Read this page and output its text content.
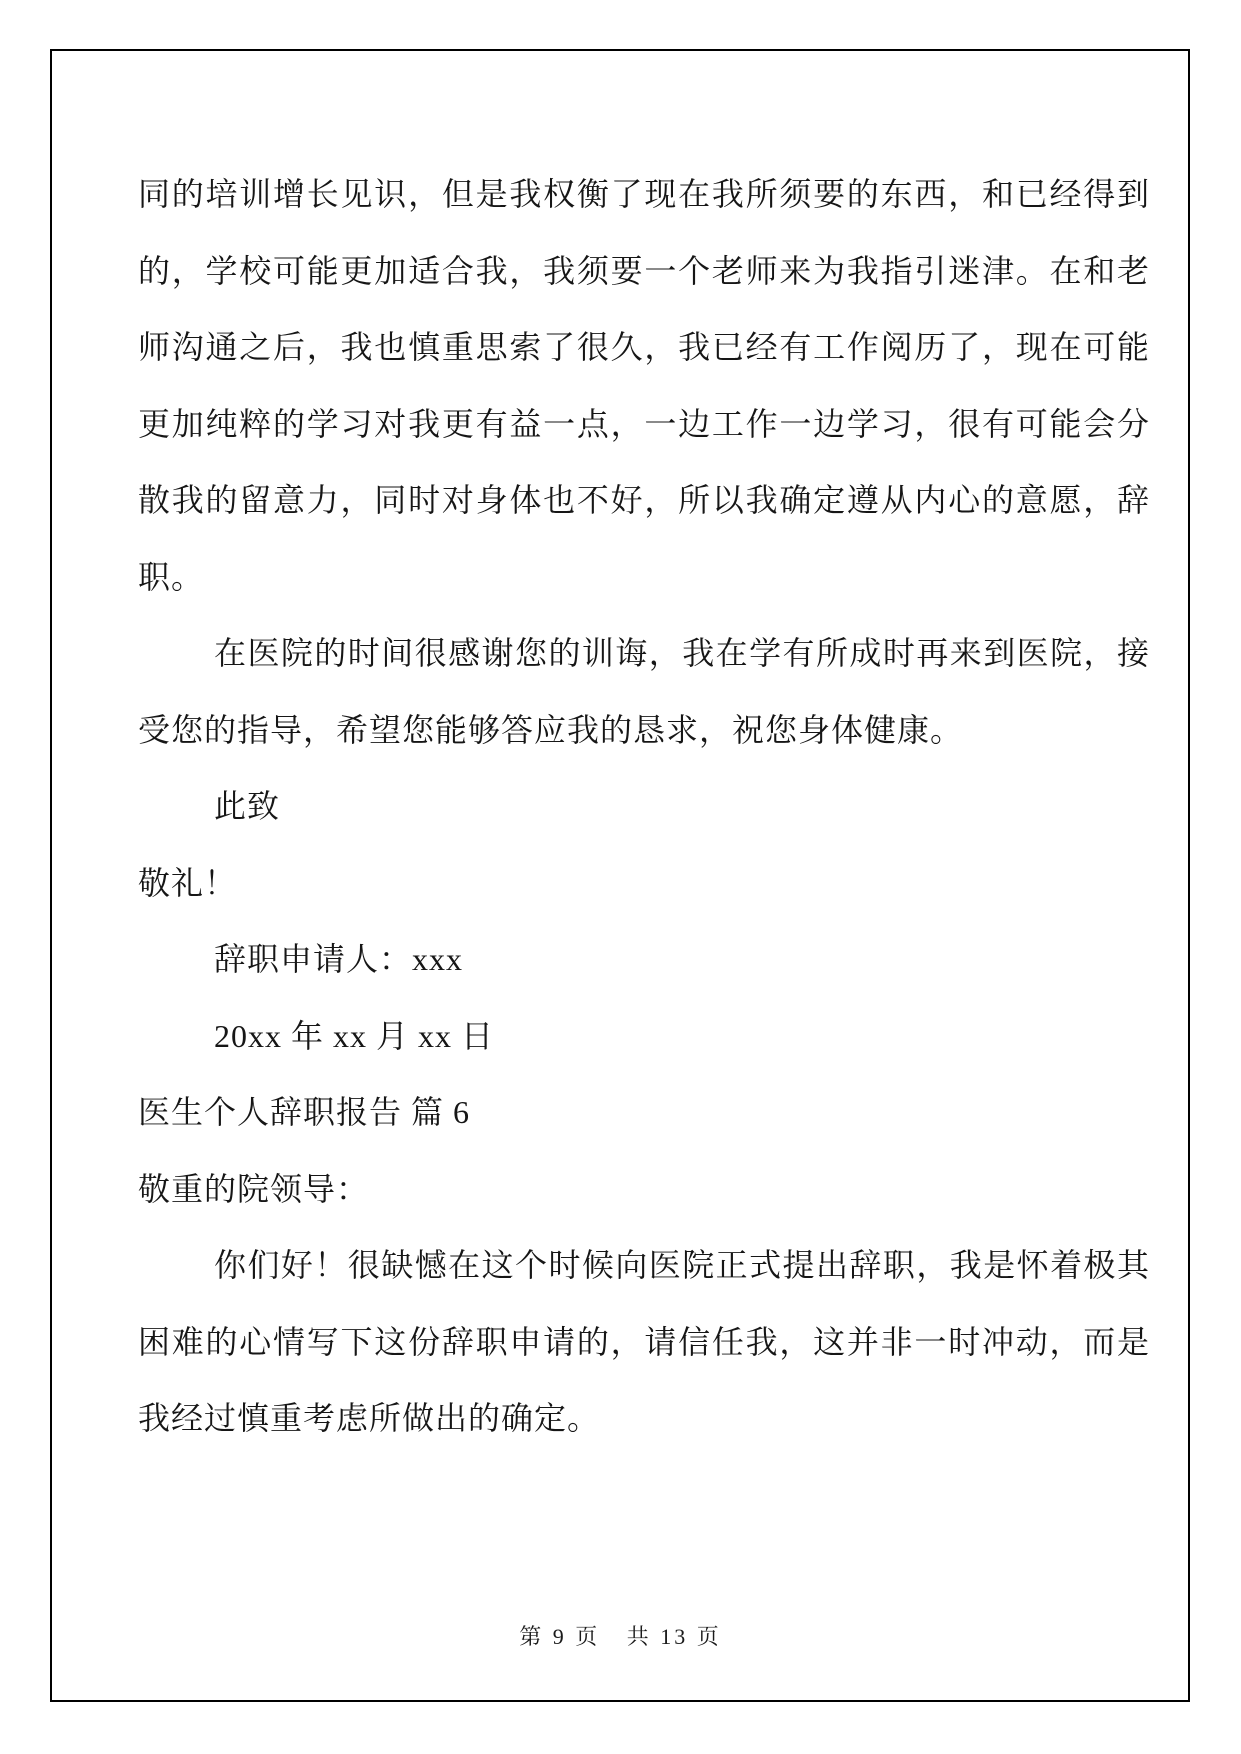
同的培训增长见识，但是我权衡了现在我所须要的东西，和已经得到
的，学校可能更加适合我，我须要一个老师来为我指引迷津。在和老
师沟通之后，我也慎重思索了很久，我已经有工作阅历了，现在可能
更加纯粹的学习对我更有益一点，一边工作一边学习，很有可能会分
散我的留意力，同时对身体也不好，所以我确定遵从内心的意愿，辞
职。
在医院的时间很感谢您的训诲，我在学有所成时再来到医院，接
受您的指导，希望您能够答应我的恳求，祝您身体健康。
此致
敬礼！
辞职申请人：xxx
20xx 年 xx 月 xx 日
医生个人辞职报告 篇 6
敬重的院领导：
你们好！很缺憾在这个时候向医院正式提出辞职，我是怀着极其
困难的心情写下这份辞职申请的，请信任我，这并非一时冲动，而是
我经过慎重考虑所做出的确定。
第 9 页 共 13 页
